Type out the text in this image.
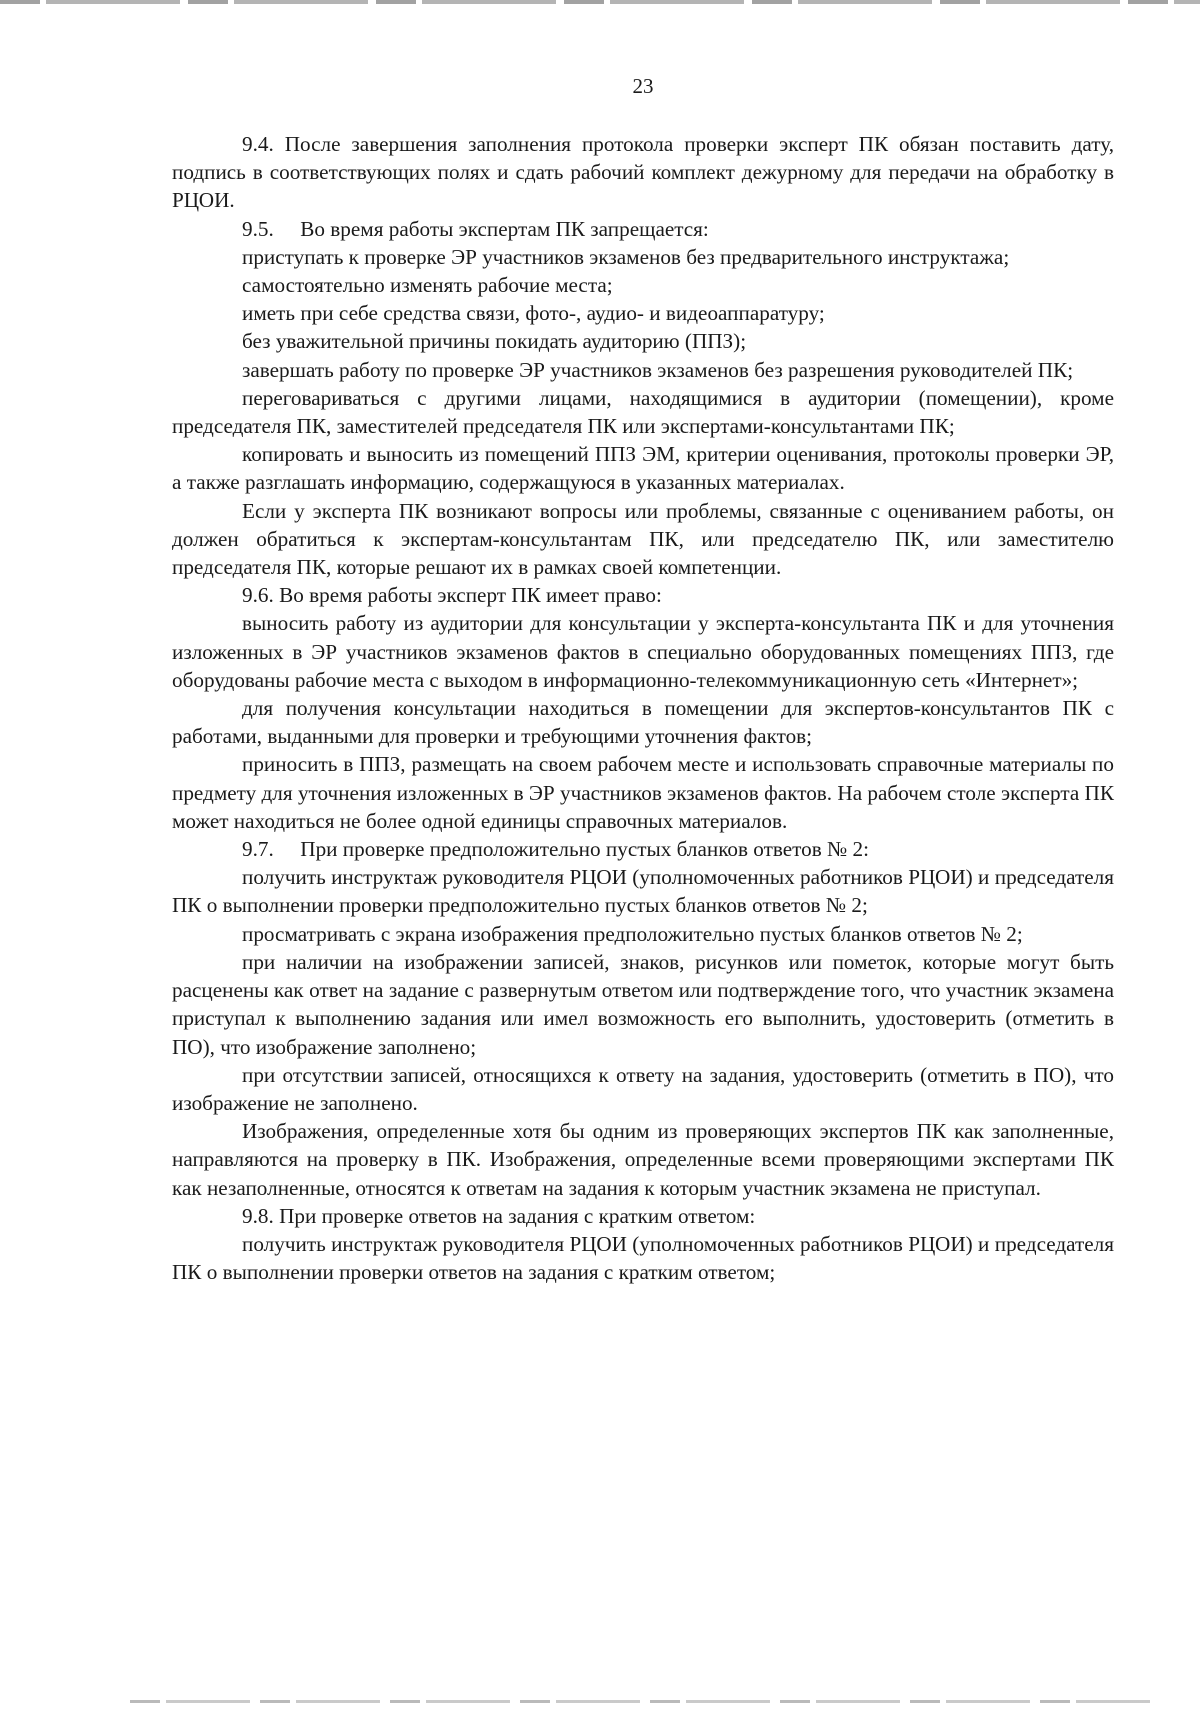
23

9.4. После завершения заполнения протокола проверки эксперт ПК обязан поставить дату, подпись в соответствующих полях и сдать рабочий комплект дежурному для передачи на обработку в РЦОИ.

9.5.     Во время работы экспертам ПК запрещается:

приступать к проверке ЭР участников экзаменов без предварительного инструктажа;

самостоятельно изменять рабочие места;

иметь при себе средства связи, фото-, аудио- и видеоаппаратуру;

без уважительной причины покидать аудиторию (ППЗ);

завершать работу по проверке ЭР участников экзаменов без разрешения руководителей ПК;

переговариваться с другими лицами, находящимися в аудитории (помещении), кроме председателя ПК, заместителей председателя ПК или экспертами-консультантами ПК;

копировать и выносить из помещений ППЗ ЭМ, критерии оценивания, протоколы проверки ЭР, а также разглашать информацию, содержащуюся в указанных материалах.

Если у эксперта ПК возникают вопросы или проблемы, связанные с оцениванием работы, он должен обратиться к экспертам-консультантам ПК, или председателю ПК, или заместителю председателя ПК, которые решают их в рамках своей компетенции.

9.6. Во время работы эксперт ПК имеет право:

выносить работу из аудитории для консультации у эксперта-консультанта ПК и для уточнения изложенных в ЭР участников экзаменов фактов в специально оборудованных помещениях ППЗ, где оборудованы рабочие места с выходом в информационно-телекоммуникационную сеть «Интернет»;

для получения консультации находиться в помещении для экспертов-консультантов ПК с работами, выданными для проверки и требующими уточнения фактов;

приносить в ППЗ, размещать на своем рабочем месте и использовать справочные материалы по предмету для уточнения изложенных в ЭР участников экзаменов фактов. На рабочем столе эксперта ПК может находиться не более одной единицы справочных материалов.

9.7.     При проверке предположительно пустых бланков ответов № 2:

получить инструктаж руководителя РЦОИ (уполномоченных работников РЦОИ) и председателя ПК о выполнении проверки предположительно пустых бланков ответов № 2;

просматривать с экрана изображения предположительно пустых бланков ответов № 2;

при наличии на изображении записей, знаков, рисунков или пометок, которые могут быть расценены как ответ на задание с развернутым ответом или подтверждение того, что участник экзамена приступал к выполнению задания или имел возможность его выполнить, удостоверить (отметить в ПО), что изображение заполнено;

при отсутствии записей, относящихся к ответу на задания, удостоверить (отметить в ПО), что изображение не заполнено.

Изображения, определенные хотя бы одним из проверяющих экспертов ПК как заполненные, направляются на проверку в ПК. Изображения, определенные всеми проверяющими экспертами ПК как незаполненные, относятся к ответам на задания к которым участник экзамена не приступал.

9.8. При проверке ответов на задания с кратким ответом:

получить инструктаж руководителя РЦОИ (уполномоченных работников РЦОИ) и председателя ПК о выполнении проверки ответов на задания с кратким ответом;
